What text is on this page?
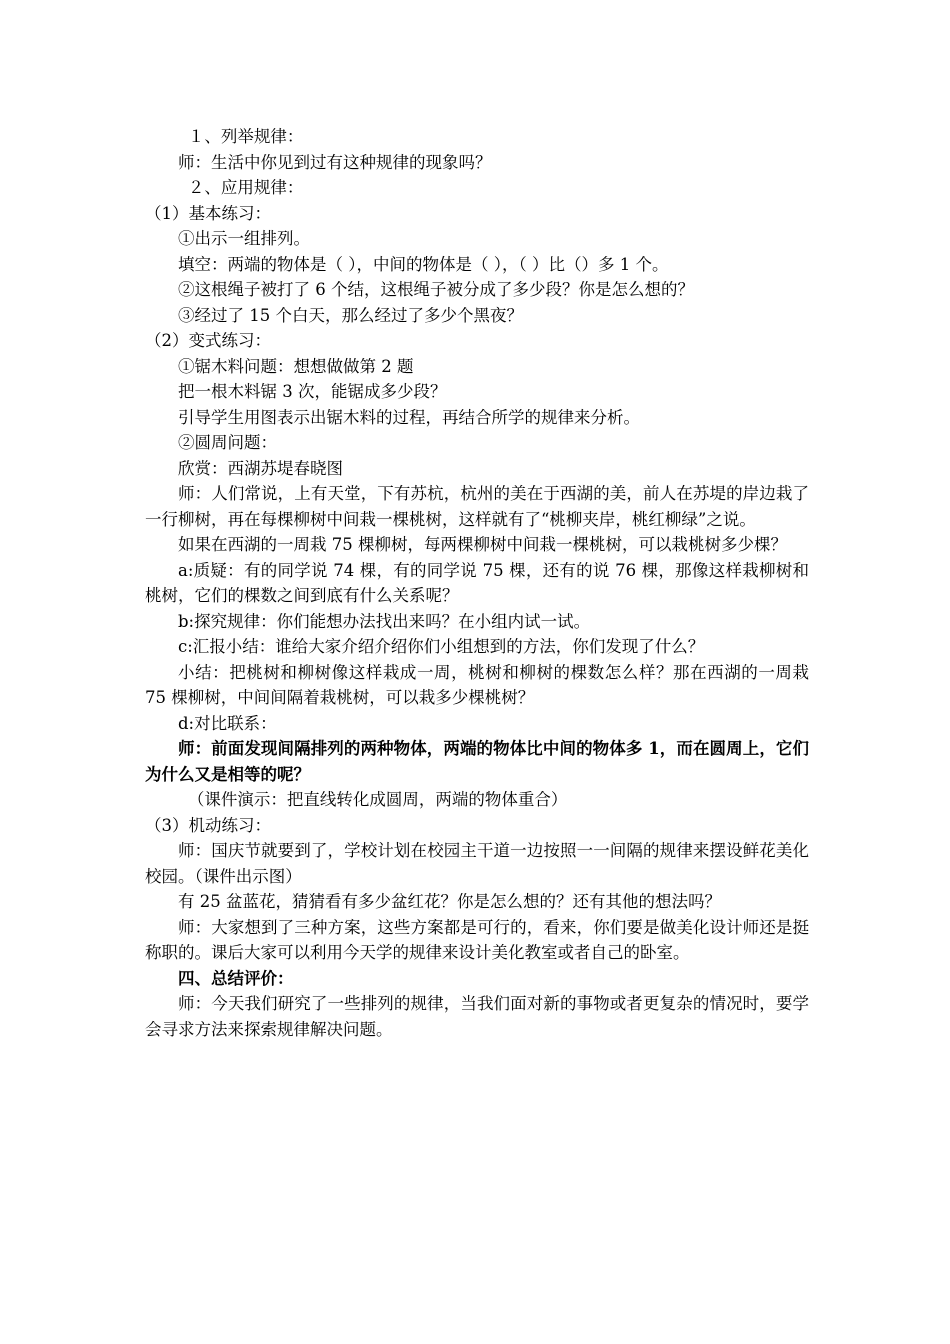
１、列举规律：

师：生活中你见到过有这种规律的现象吗？

２、应用规律：

（1）基本练习：

①出示一组排列。

填空：两端的物体是（ ），中间的物体是（ ），（ ）比（）多 1 个。

②这根绳子被打了 6 个结，这根绳子被分成了多少段？你是怎么想的？

③经过了 15 个白天，那么经过了多少个黑夜？

（2）变式练习：

①锯木料问题：想想做做第 2 题

把一根木料锯 3 次，能锯成多少段？

引导学生用图表示出锯木料的过程，再结合所学的规律来分析。

②圆周问题：

欣赏：西湖苏堤春晓图

师：人们常说，上有天堂，下有苏杭，杭州的美在于西湖的美，前人在苏堤的岸边栽了一行柳树，再在每棵柳树中间栽一棵桃树，这样就有了“桃柳夹岸，桃红柳绿”之说。

如果在西湖的一周栽 75 棵柳树，每两棵柳树中间栽一棵桃树，可以栽桃树多少棵？

a:质疑：有的同学说 74 棵，有的同学说 75 棵，还有的说 76 棵，那像这样栽柳树和桃树，它们的棵数之间到底有什么关系呢？

b:探究规律：你们能想办法找出来吗？在小组内试一试。

c:汇报小结：谁给大家介绍介绍你们小组想到的方法，你们发现了什么？

小结：把桃树和柳树像这样栽成一周，桃树和柳树的棵数怎么样？那在西湖的一周栽 75 棵柳树，中间间隔着栽桃树，可以栽多少棵桃树？

d:对比联系：

师：前面发现间隔排列的两种物体，两端的物体比中间的物体多 1，而在圆周上，它们为什么又是相等的呢？

（课件演示：把直线转化成圆周，两端的物体重合）

（3）机动练习：

师：国庆节就要到了，学校计划在校园主干道一边按照一一间隔的规律来摆设鲜花美化校园。（课件出示图）

有 25 盆蓝花，猜猜看有多少盆红花？你是怎么想的？还有其他的想法吗？

师：大家想到了三种方案，这些方案都是可行的，看来，你们要是做美化设计师还是挺称职的。课后大家可以利用今天学的规律来设计美化教室或者自己的卧室。

四、总结评价：

师：今天我们研究了一些排列的规律，当我们面对新的事物或者更复杂的情况时，要学会寻求方法来探索规律解决问题。
